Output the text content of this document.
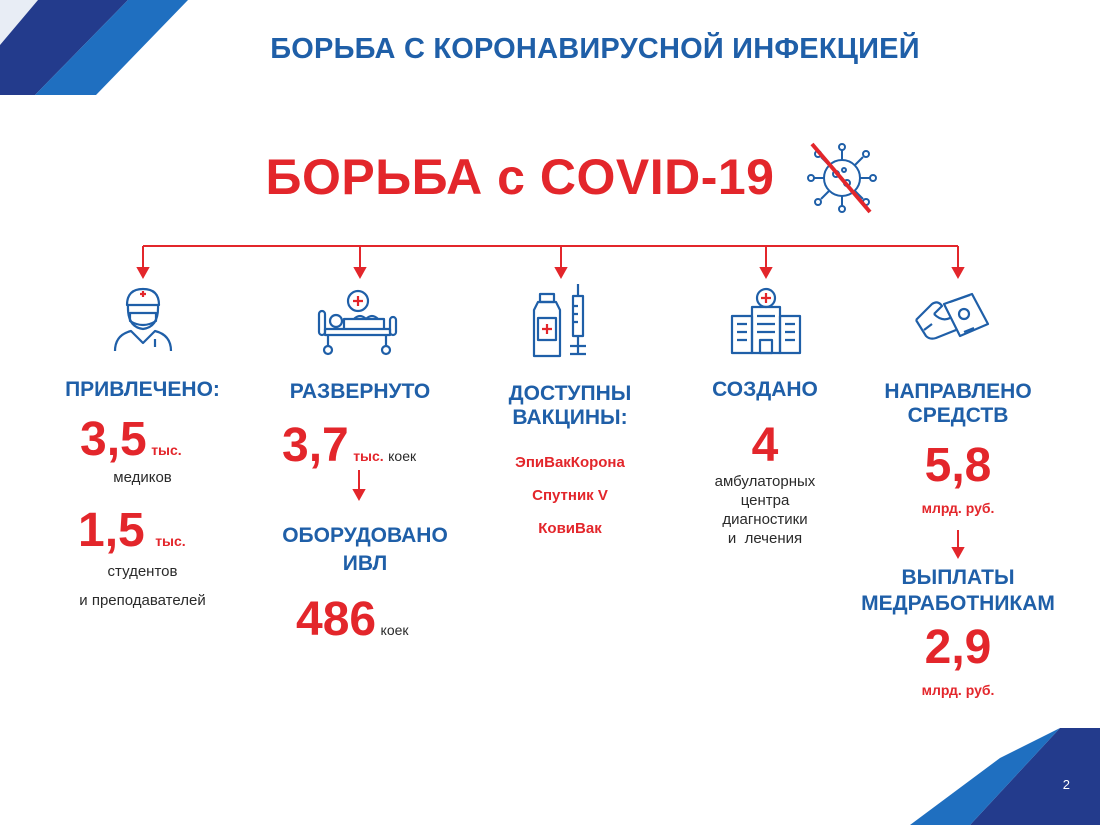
БОРЬБА С КОРОНАВИРУСНОЙ ИНФЕКЦИЕЙ
БОРЬБА с COVID-19
ПРИВЛЕЧЕНО:
3,5 тыс.
медиков
1,5 тыс.
студентов
и преподавателей
РАЗВЕРНУТО
3,7 тыс. коек
ОБОРУДОВАНО
ИВЛ
486 коек
ДОСТУПНЫ
ВАКЦИНЫ:
ЭпиВакКорона
Спутник V
КовиВак
СОЗДАНО
4
амбулаторных
центра
диагностики
и  лечения
НАПРАВЛЕНО
СРЕДСТВ
5,8
млрд. руб.
ВЫПЛАТЫ
МЕДРАБОТНИКАМ
2,9
млрд. руб.
2
